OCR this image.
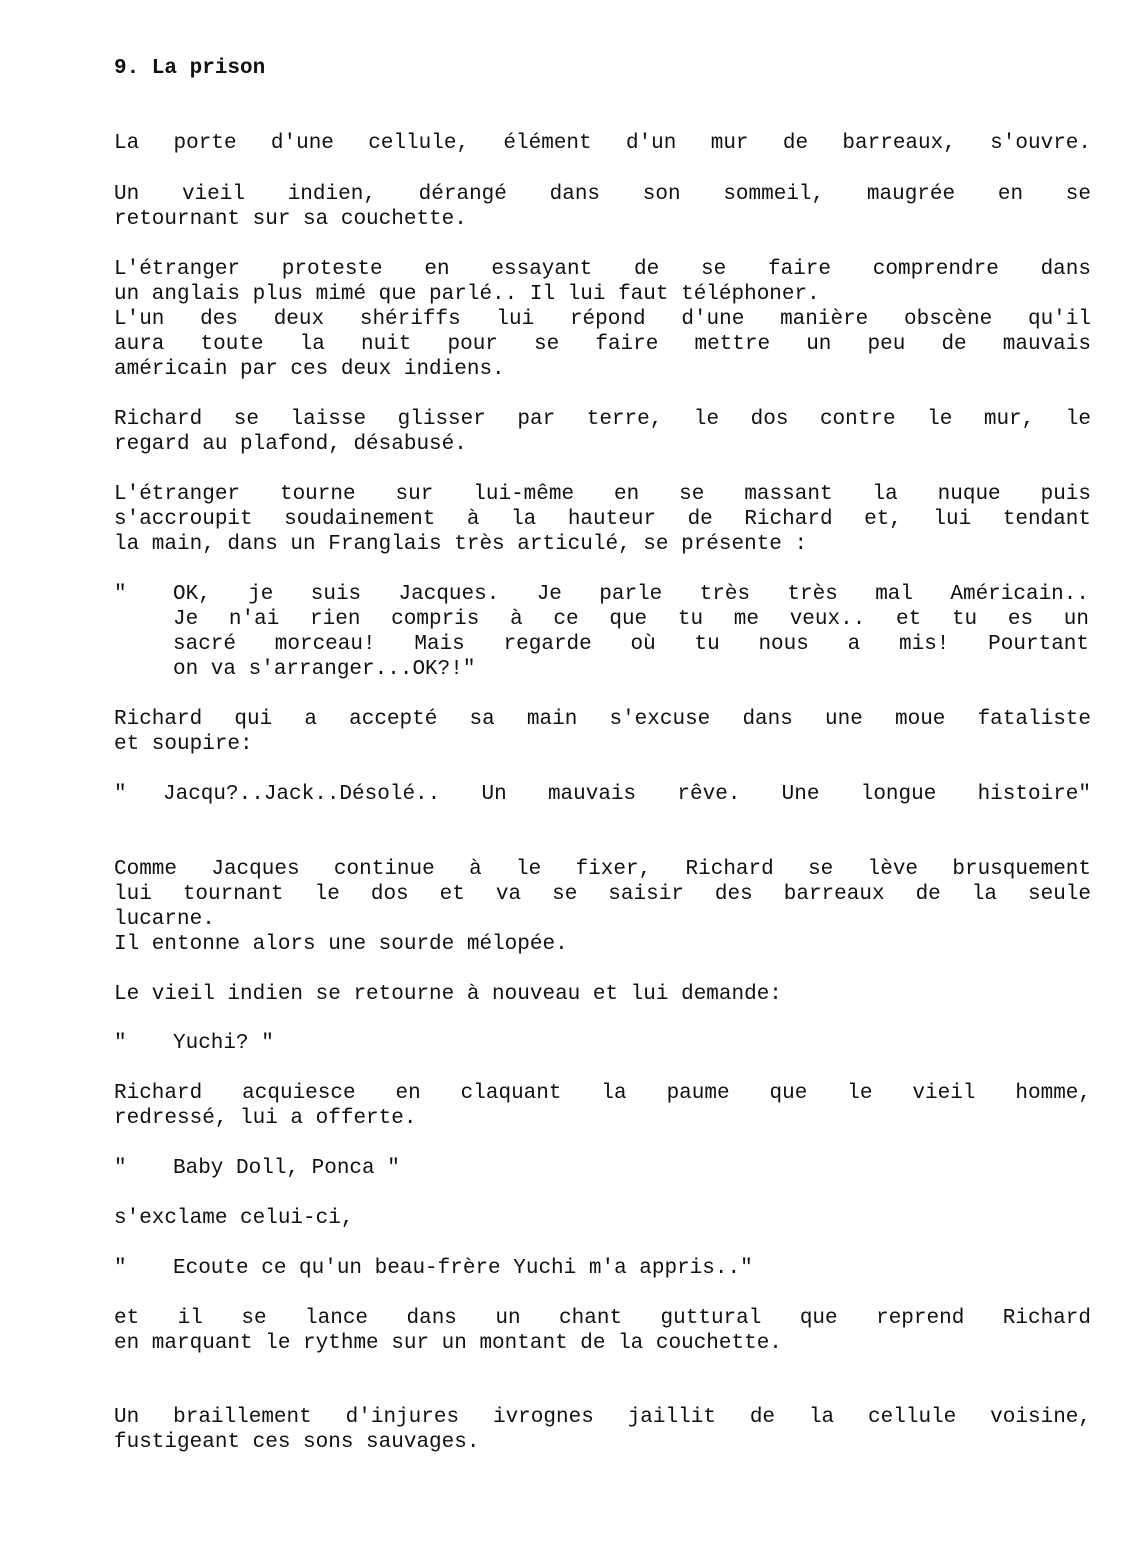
9. La prison

La porte d'une cellule, élément d'un mur de barreaux, s'ouvre.

Un vieil indien, dérangé dans son sommeil, maugrée en se

retournant sur sa couchette.

L'étranger proteste en essayant de se faire comprendre dans

un anglais plus mimé que parlé.. Il lui faut téléphoner.

L'un des deux shériffs lui répond d'une manière obscène qu'il

aura toute la nuit pour se faire mettre un peu de mauvais

américain par ces deux indiens.

Richard se laisse glisser par terre, le dos contre le mur, le

regard au plafond, désabusé.

L'étranger tourne sur lui-même en se massant la nuque puis

s'accroupit soudainement à la hauteur de Richard et, lui tendant

la main, dans un Franglais très articulé, se présente :

" OK, je suis Jacques. Je parle très très mal Américain..

Je n'ai rien compris à ce que tu me veux.. et tu es un

sacré morceau! Mais regarde où tu nous a mis! Pourtant

on va s'arranger...OK?!"

Richard qui a accepté sa main s'excuse dans une moue fataliste

et soupire:

" Jacqu?..Jack..Désolé.. Un mauvais rêve. Une longue histoire"

Comme Jacques continue à le fixer, Richard se lève brusquement

lui tournant le dos et va se saisir des barreaux de la seule

lucarne.

Il entonne alors une sourde mélopée.

Le vieil indien se retourne à nouveau et lui demande:

" Yuchi? "

Richard acquiesce en claquant la paume que le vieil homme,

redressé, lui a offerte.

" Baby Doll, Ponca "

s'exclame celui-ci,

" Ecoute ce qu'un beau-frère Yuchi m'a appris.."

et il se lance dans un chant guttural que reprend Richard

en marquant le rythme sur un montant de la couchette.

Un braillement d'injures ivrognes jaillit de la cellule voisine,

fustigeant ces sons sauvages.
